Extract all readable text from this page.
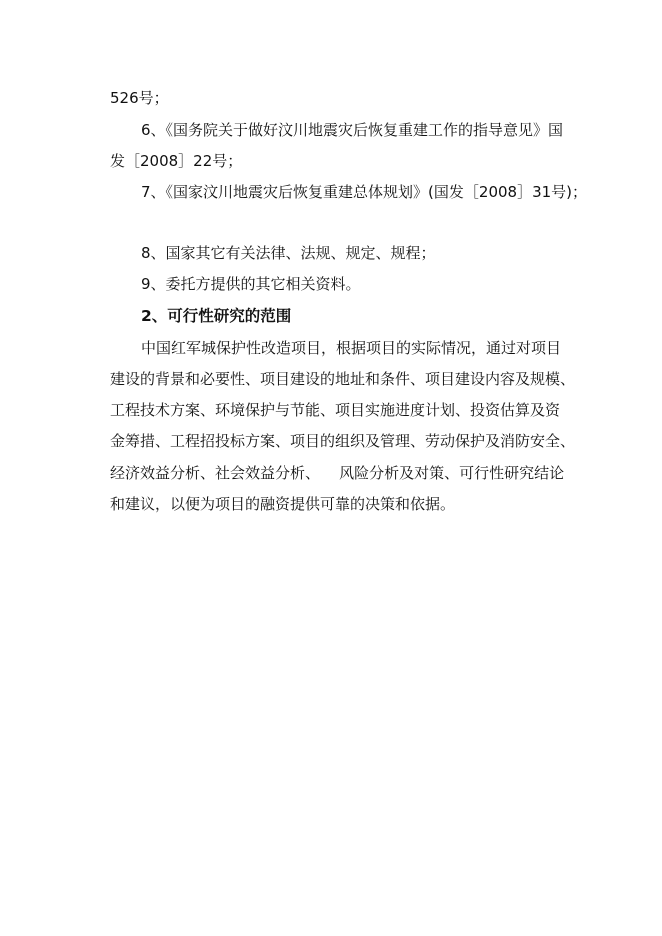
526号；
6、《国务院关于做好汶川地震灾后恢复重建工作的指导意见》国
发［2008］22号；
7、《国家汶川地震灾后恢复重建总体规划》(国发［2008］31号)；
8、国家其它有关法律、法规、规定、规程；
9、委托方提供的其它相关资料。
2、可行性研究的范围
中国红军城保护性改造项目，根据项目的实际情况，通过对项目
建设的背景和必要性、项目建设的地址和条件、项目建设内容及规模、
工程技术方案、环境保护与节能、项目实施进度计划、投资估算及资
金筹措、工程招投标方案、项目的组织及管理、劳动保护及消防安全、
经济效益分析、社会效益分析、    风险分析及对策、可行性研究结论
和建议，以便为项目的融资提供可靠的决策和依据。
